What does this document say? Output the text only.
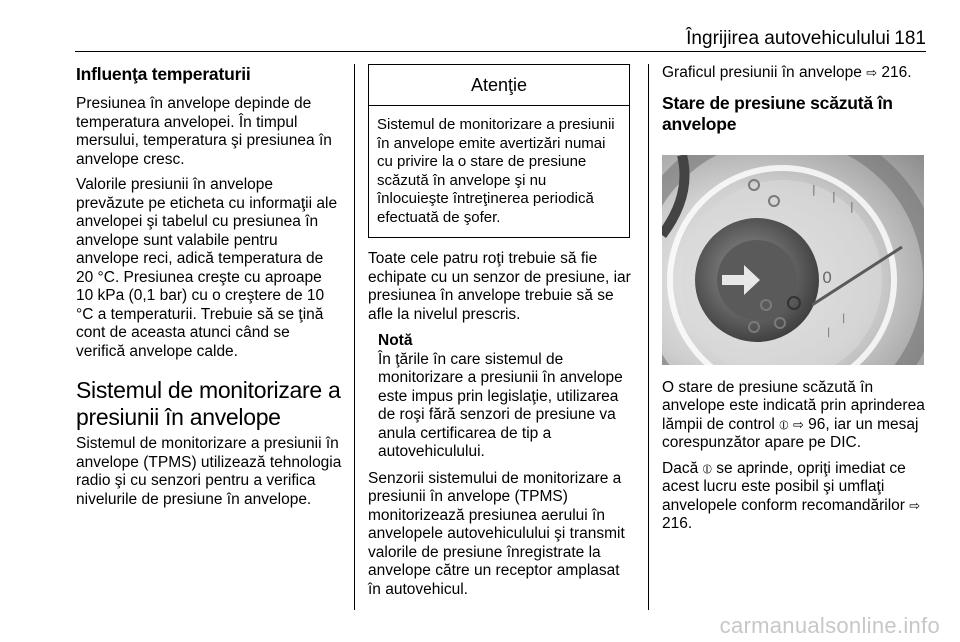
Îngrijirea autovehiculului 181
Influenţa temperaturii

Presiunea în anvelope depinde de temperatura anvelopei. În timpul mersului, temperatura şi presiunea în anvelope cresc.

Valorile presiunii în anvelope prevăzute pe eticheta cu informaţii ale anvelopei şi tabelul cu presiunea în anvelope sunt valabile pentru anvelope reci, adică temperatura de 20 °C. Presiunea creşte cu aproape 10 kPa (0,1 bar) cu o creştere de 10 °C a temperaturii. Trebuie să se ţină cont de aceasta atunci când se verifică anvelope calde.

Sistemul de monitorizare a presiunii în anvelope

Sistemul de monitorizare a presiunii în anvelope (TPMS) utilizează tehnologia radio şi cu senzori pentru a verifica nivelurile de presiune în anvelope.

Atenţie

Sistemul de monitorizare a presiunii în anvelope emite avertizări numai cu privire la o stare de presiune scăzută în anvelope şi nu înlocuieşte întreţinerea periodică efectuată de şofer.

Toate cele patru roţi trebuie să fie echipate cu un senzor de presiune, iar presiunea în anvelope trebuie să se afle la nivelul prescris.

Notă

În ţările în care sistemul de monitorizare a presiunii în anvelope este impus prin legislaţie, utilizarea de roşi fără senzori de presiune va anula certificarea de tip a autovehiculului.

Senzorii sistemului de monitorizare a presiunii în anvelope (TPMS) monitorizează presiunea aerului în anvelopele autovehiculului şi transmit valorile de presiune înregistrate la anvelope către un receptor amplasat în autovehicul.

Graficul presiunii în anvelope ⇨ 216.

Stare de presiune scăzută în anvelope
|
|
|
0
|
|

O stare de presiune scăzută în anvelope este indicată prin aprinderea lămpii de control ⦶ ⇨ 96, iar un mesaj corespunzător apare pe DIC.

Dacă ⦶ se aprinde, opriţi imediat ce acest lucru este posibil şi umflaţi anvelopele conform recomandărilor ⇨ 216.

carmanualsonline.info
